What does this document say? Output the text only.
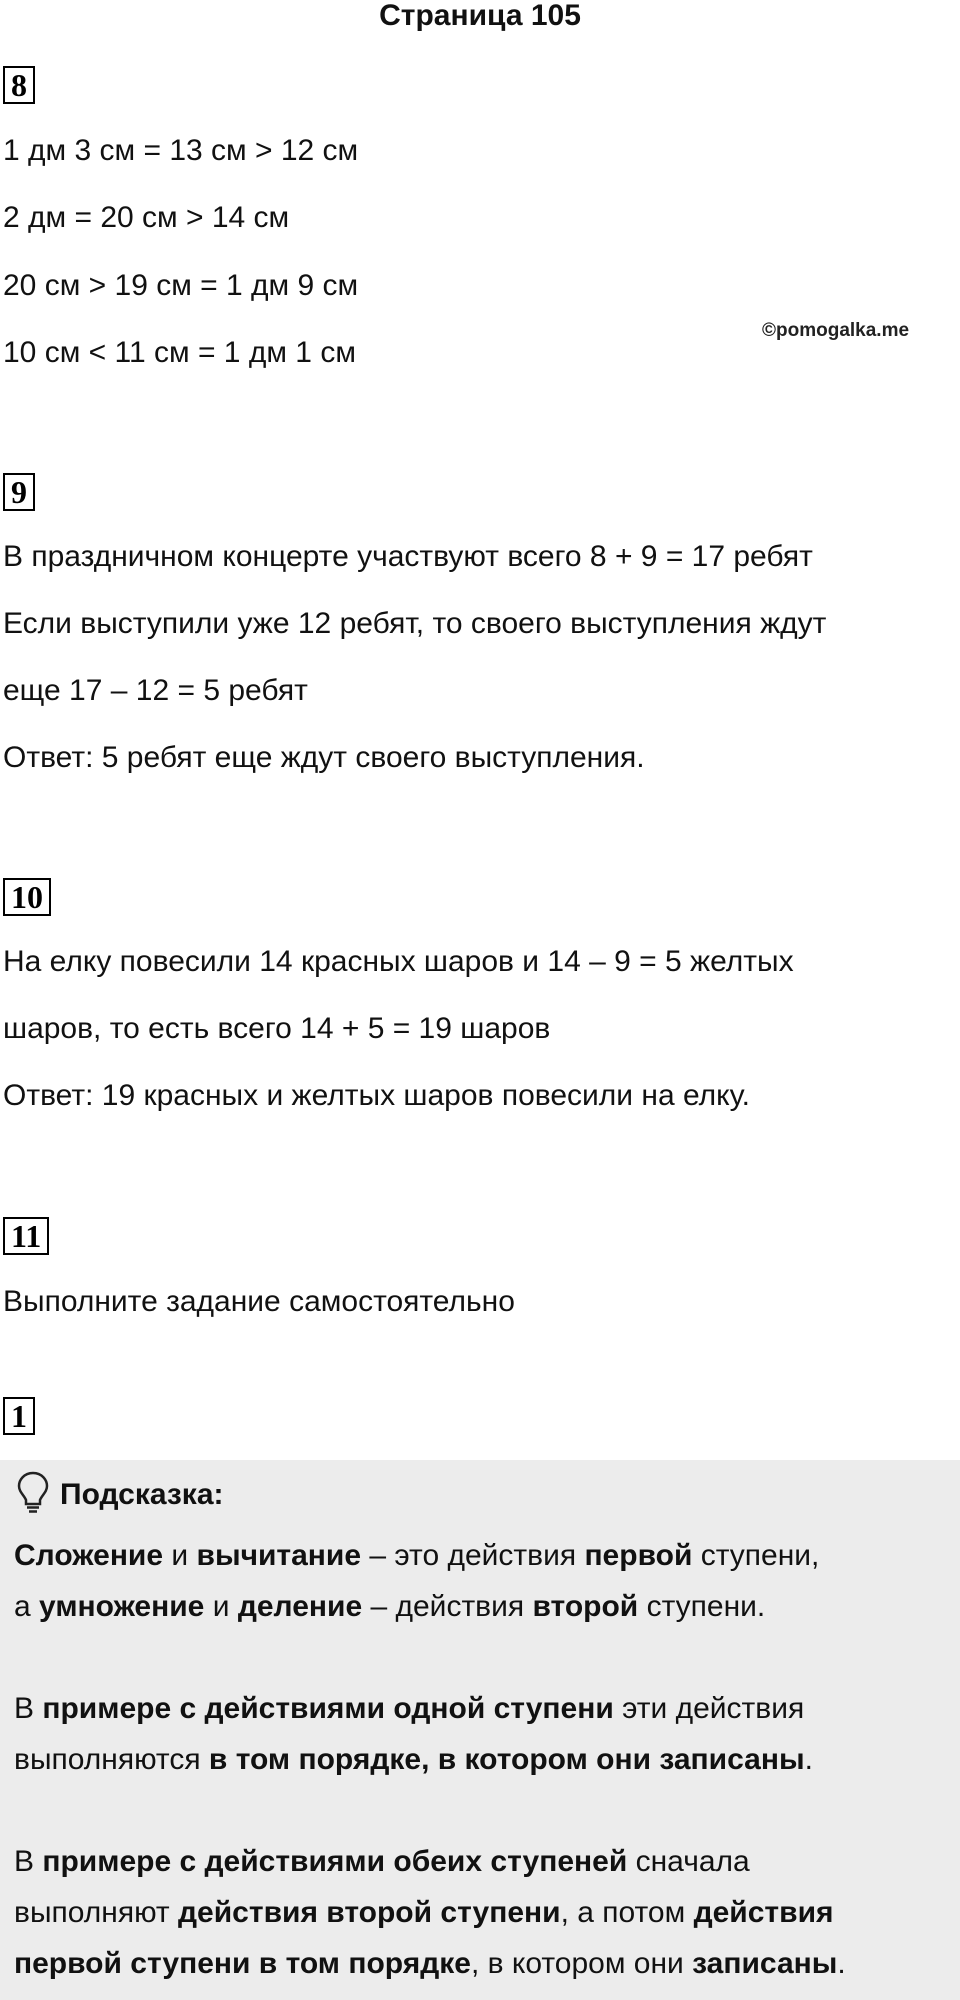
Страница 105
©pomogalka.me
8
1 дм 3 см = 13 см > 12 см
2 дм = 20 см > 14 см
20 см > 19 см = 1 дм 9 см
10 см < 11 см = 1 дм 1 см
9
В праздничном концерте участвуют всего 8 + 9 = 17 ребят
Если выступили уже 12 ребят, то своего выступления ждут
еще 17 – 12 = 5 ребят
Ответ: 5 ребят еще ждут своего выступления.
10
На елку повесили 14 красных шаров и 14 – 9 = 5 желтых
шаров, то есть всего 14 + 5 = 19 шаров
Ответ: 19 красных и желтых шаров повесили на елку.
11
Выполните задание самостоятельно
1
Подсказка:
Сложение и вычитание – это действия первой ступени,
а умножение и деление – действия второй ступени.
В примере с действиями одной ступени эти действия
выполняются в том порядке, в котором они записаны.
В примере с действиями обеих ступеней сначала
выполняют действия второй ступени, а потом действия
первой ступени в том порядке, в котором они записаны.
